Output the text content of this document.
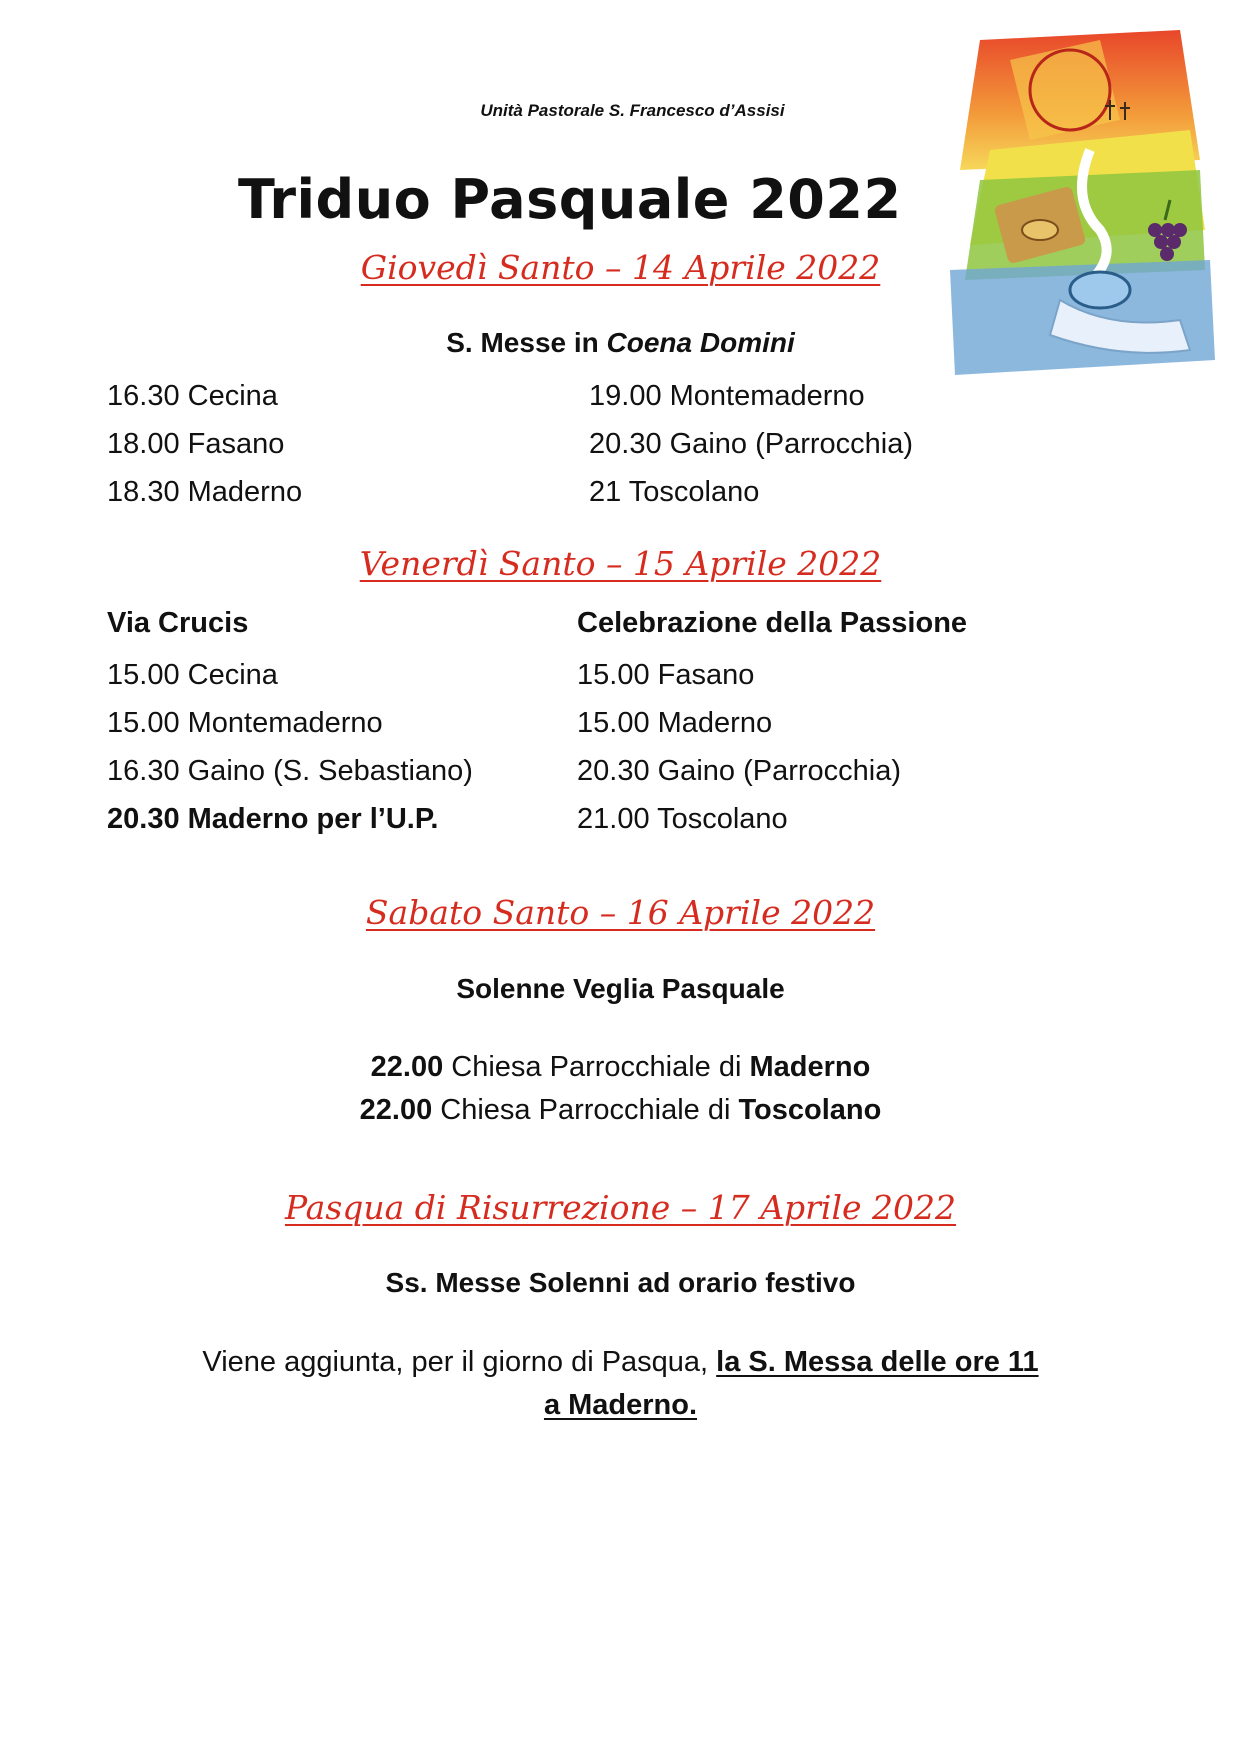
Unità Pastorale S. Francesco d’Assisi
Triduo Pasquale 2022
Giovedì Santo – 14 Aprile 2022
S. Messe in Coena Domini
16.30 Cecina
18.00 Fasano
18.30 Maderno
19.00 Montemaderno
20.30 Gaino (Parrocchia)
21 Toscolano
Venerdì Santo – 15 Aprile 2022
Via Crucis	Celebrazione della Passione
15.00 Cecina
15.00 Montemaderno
16.30 Gaino (S. Sebastiano)
20.30 Maderno per l’U.P.
15.00 Fasano
15.00 Maderno
20.30 Gaino (Parrocchia)
21.00 Toscolano
Sabato Santo – 16 Aprile 2022
Solenne Veglia Pasquale
22.00 Chiesa Parrocchiale di Maderno
22.00 Chiesa Parrocchiale di Toscolano
Pasqua di Risurrezione – 17 Aprile 2022
Ss. Messe Solenni ad orario festivo
Viene aggiunta, per il giorno di Pasqua, la S. Messa delle ore 11
a Maderno.
